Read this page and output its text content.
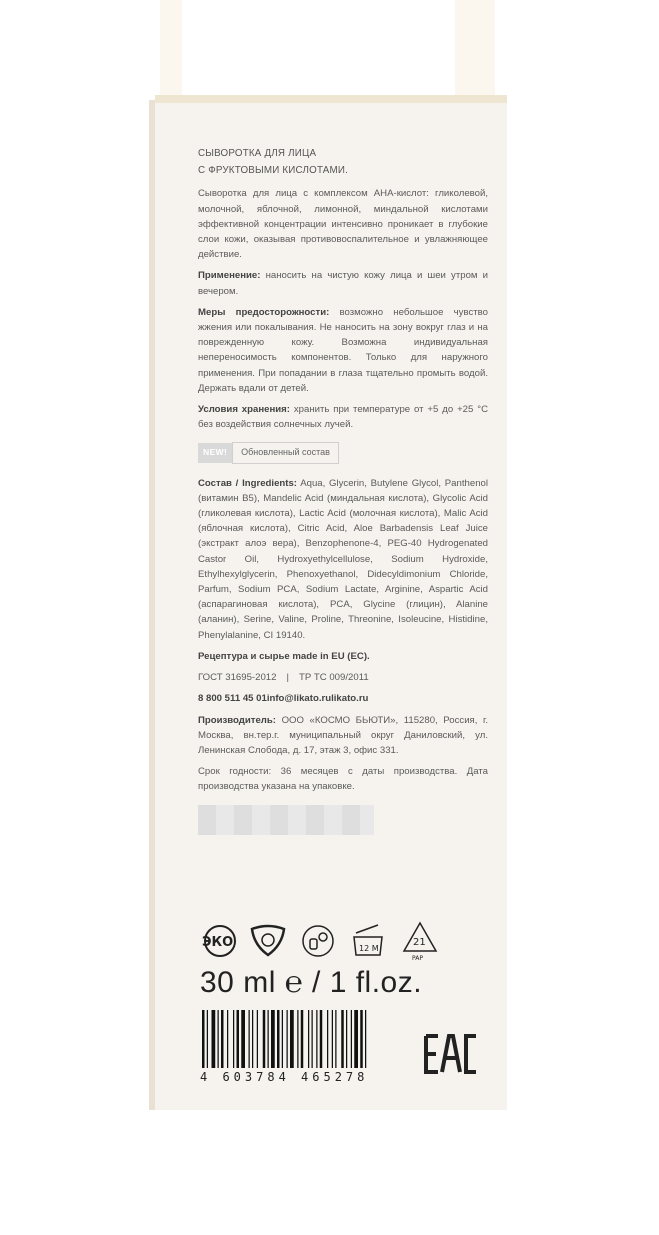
СЫВОРОТКА ДЛЯ ЛИЦА
С ФРУКТОВЫМИ КИСЛОТАМИ.

Сыворотка для лица с комплексом AHA-кислот: гликолевой, молочной, яблочной, лимонной, миндальной кислотами эффективной концентрации интенсивно проникает в глубокие слои кожи, оказывая противовоспалительное и увлажняющее действие.

Применение: наносить на чистую кожу лица и шеи утром и вечером.

Меры предосторожности: возможно небольшое чувство жжения или покалывания. Не наносить на зону вокруг глаз и на поврежденную кожу. Возможна индивидуальная непереносимость компонентов. Только для наружного применения. При попадании в глаза тщательно промыть водой. Держать вдали от детей.

Условия хранения: хранить при температуре от +5 до +25 °С без воздействия солнечных лучей.

NEW!	Обновленный состав

Состав / Ingredients: Aqua, Glycerin, Butylene Glycol, Panthenol (витамин B5), Mandelic Acid (миндальная кислота), Glycolic Acid (гликолевая кислота), Lactic Acid (молочная кислота), Malic Acid (яблочная кислота), Citric Acid, Aloe Barbadensis Leaf Juice (экстракт алоэ вера), Benzophenone-4, PEG-40 Hydrogenated Castor Oil, Hydroxyethylcellulose, Sodium Hydroxide, Ethylhexylglycerin, Phenoxyethanol, Didecyldimonium Chloride, Parfum, Sodium PCA, Sodium Lactate, Arginine, Aspartic Acid (аспарагиновая кислота), PCA, Glycine (глицин), Alanine (аланин), Serine, Valine, Proline, Threonine, Isoleucine, Histidine, Phenylalanine, CI 19140.

Рецептура и сырье made in EU (EC).

ГОСТ 31695-2012 | ТР ТС 009/2011

8 800 511 45 01info@likato.rulikato.ru

Производитель: ООО «КОСМО БЬЮТИ», 115280, Россия, г. Москва, вн.тер.г. муниципальный округ Даниловский, ул. Ленинская Слобода, д. 17, этаж 3, офис 331.

Срок годности: 36 месяцев с даты производства. Дата производства указана на упаковке.

ЭКО	12 M
21
PAP
30 ml ℮ / 1 fl.oz.
4 603784 465278
